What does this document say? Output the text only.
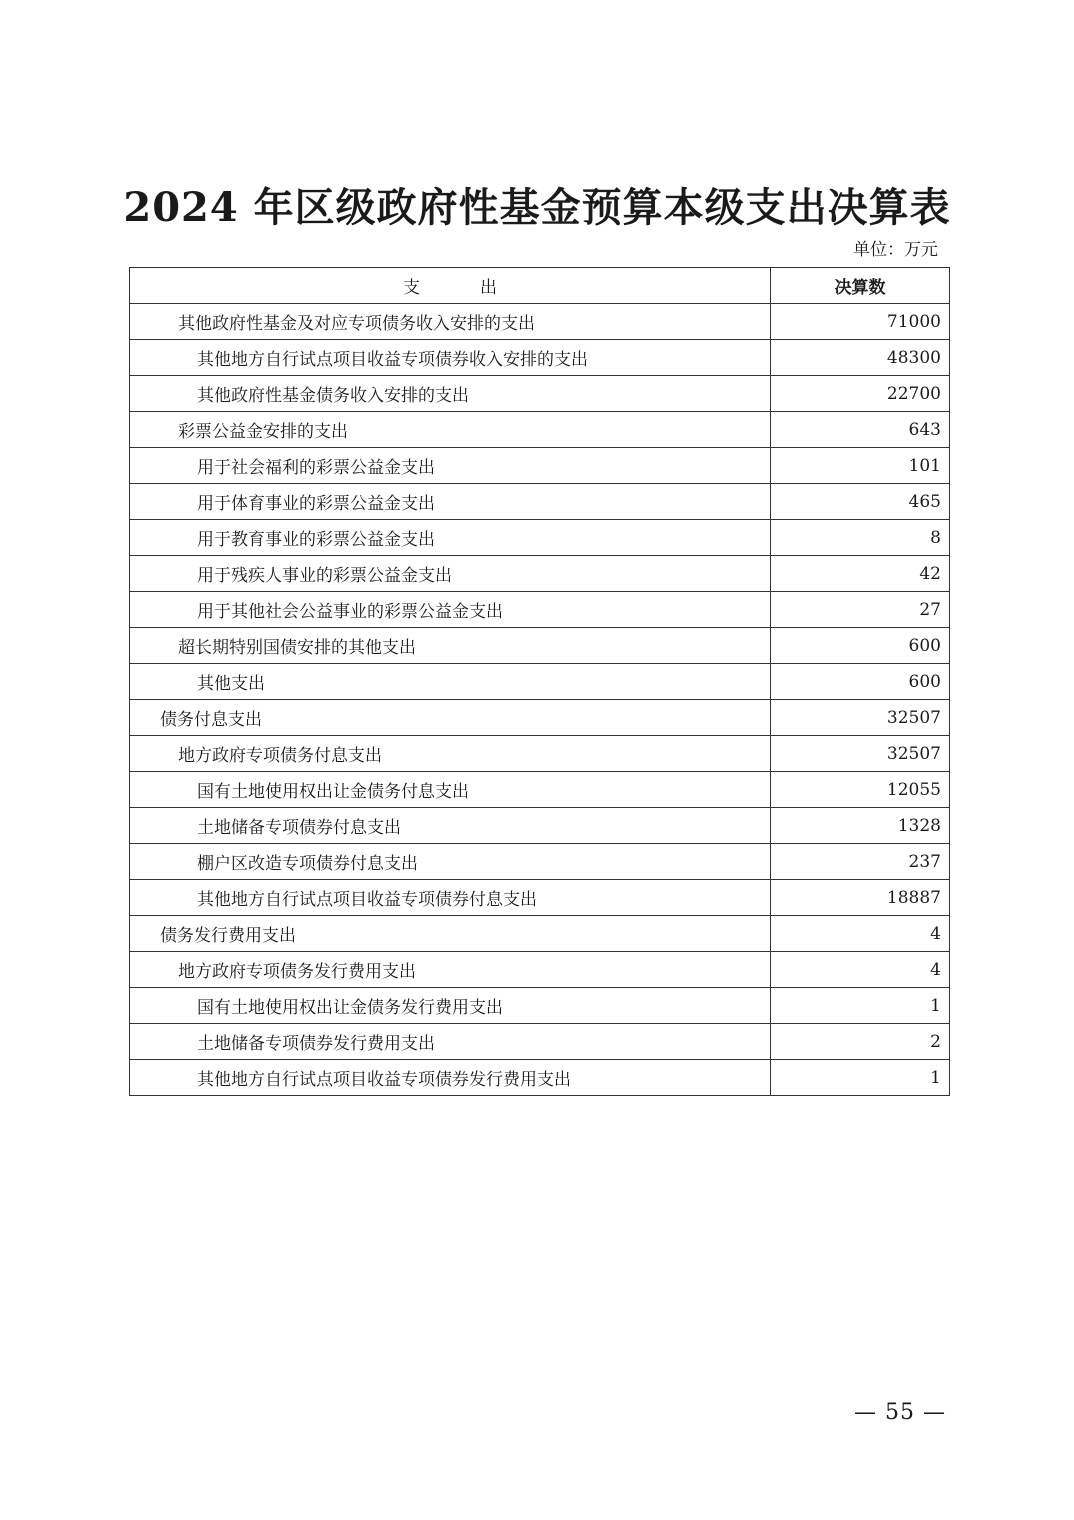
2024 年区级政府性基金预算本级支出决算表
单位：万元
支出	决算数
其他政府性基金及对应专项债务收入安排的支出	71000
其他地方自行试点项目收益专项债券收入安排的支出	48300
其他政府性基金债务收入安排的支出	22700
彩票公益金安排的支出	643
用于社会福利的彩票公益金支出	101
用于体育事业的彩票公益金支出	465
用于教育事业的彩票公益金支出	8
用于残疾人事业的彩票公益金支出	42
用于其他社会公益事业的彩票公益金支出	27
超长期特别国债安排的其他支出	600
其他支出	600
债务付息支出	32507
地方政府专项债务付息支出	32507
国有土地使用权出让金债务付息支出	12055
土地储备专项债券付息支出	1328
棚户区改造专项债券付息支出	237
其他地方自行试点项目收益专项债券付息支出	18887
债务发行费用支出	4
地方政府专项债务发行费用支出	4
国有土地使用权出让金债务发行费用支出	1
土地储备专项债券发行费用支出	2
其他地方自行试点项目收益专项债券发行费用支出	1
— 55 —
